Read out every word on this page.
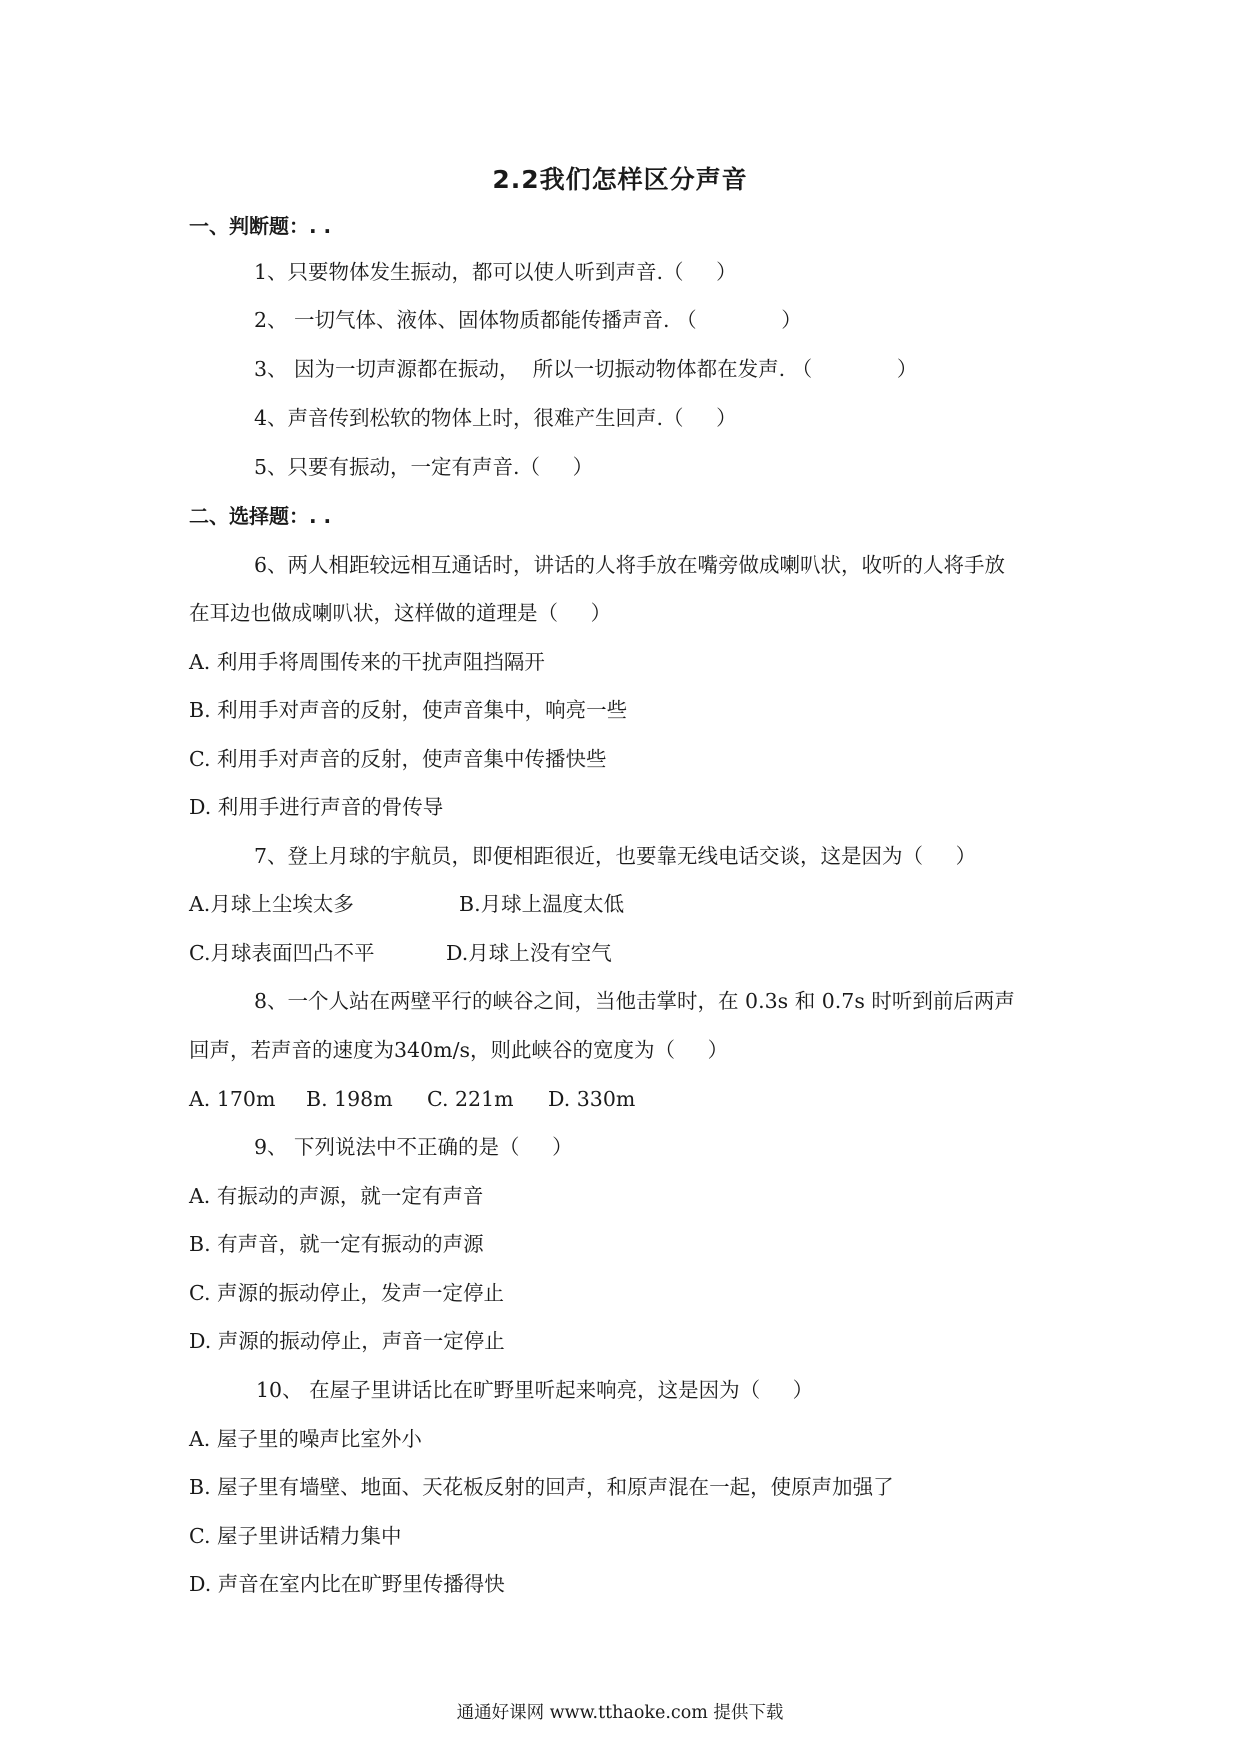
2.2我们怎样区分声音
一、判断题：. .
1、只要物体发生振动，都可以使人听到声音.（     ）
2、 一切气体、液体、固体物质都能传播声音. （             ）
3、 因为一切声源都在振动，  所以一切振动物体都在发声. （             ）
4、声音传到松软的物体上时，很难产生回声.（     ）
5、只要有振动，一定有声音.（     ）
二、选择题：. .
6、两人相距较远相互通话时，讲话的人将手放在嘴旁做成喇叭状，收听的人将手放
在耳边也做成喇叭状，这样做的道理是（     ）
A. 利用手将周围传来的干扰声阻挡隔开
B. 利用手对声音的反射，使声音集中，响亮一些
C. 利用手对声音的反射，使声音集中传播快些
D. 利用手进行声音的骨传导
7、登上月球的宇航员，即便相距很近，也要靠无线电话交谈，这是因为（     ）
A.月球上尘埃太多	B.月球上温度太低
C.月球表面凹凸不平	D.月球上没有空气
8、一个人站在两壁平行的峡谷之间，当他击掌时，在 0.3s 和 0.7s 时听到前后两声
回声，若声音的速度为340m/s，则此峡谷的宽度为（     ）
A. 170m B. 198m C. 221m D. 330m
9、 下列说法中不正确的是（     ）
A. 有振动的声源，就一定有声音
B. 有声音，就一定有振动的声源
C. 声源的振动停止，发声一定停止
D. 声源的振动停止，声音一定停止
10、 在屋子里讲话比在旷野里听起来响亮，这是因为（     ）
A. 屋子里的噪声比室外小
B. 屋子里有墙壁、地面、天花板反射的回声，和原声混在一起，使原声加强了
C. 屋子里讲话精力集中
D. 声音在室内比在旷野里传播得快
通通好课网 www.tthaoke.com 提供下载
